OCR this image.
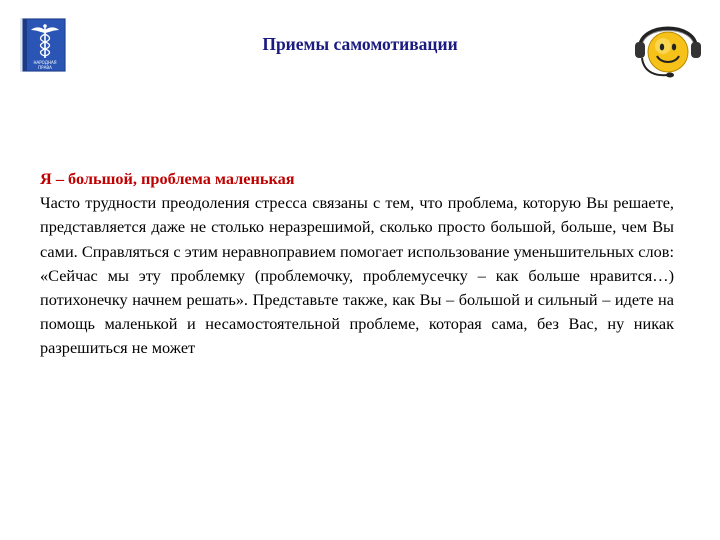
НАРОДНАЯ
ПРАВА
Приемы самомотивации
Я – большой, проблема маленькая
Часто трудности преодоления стресса связаны с тем, что проблема, которую Вы решаете, представляется даже не столько неразрешимой, сколько просто большой, больше, чем Вы сами. Справляться с этим неравноправием помогает использование уменьшительных слов: «Сейчас мы эту проблемку (проблемочку, проблемусечку – как больше нравится…) потихонечку начнем решать». Представьте также, как Вы – большой и сильный – идете на помощь маленькой и несамостоятельной проблеме, которая сама, без Вас, ну никак разрешиться не может
